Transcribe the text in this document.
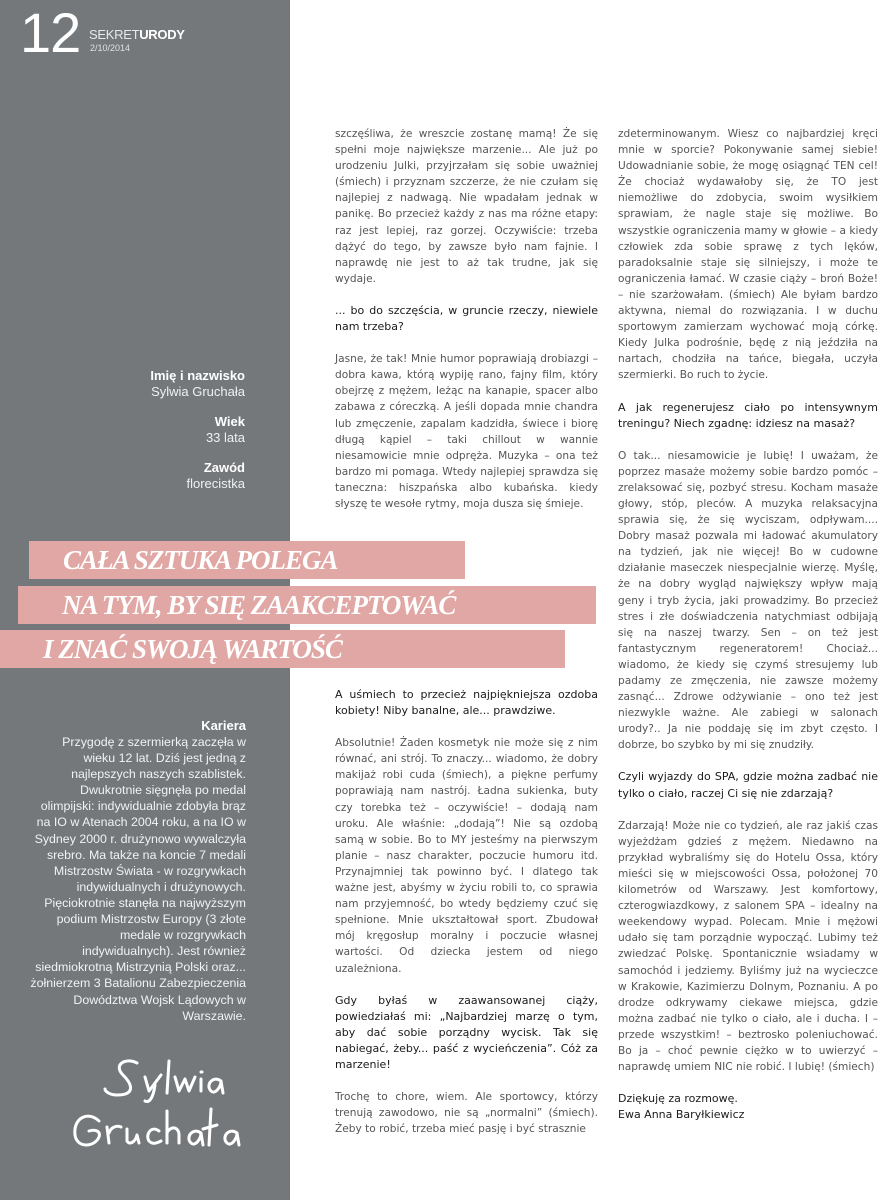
12 SEKRETURODY
2/10/2014
Imię i nazwisko
Sylwia Gruchała
Wiek
33 lata
Zawód
florecistka
Kariera
Przygodę z szermierką zaczęła w wieku 12 lat. Dziś jest jedną z najlepszych naszych szablistek. Dwukrotnie sięgnęła po medal olimpijski: indywidualnie zdobyła brąz na IO w Atenach 2004 roku, a na IO w Sydney 2000 r. drużynowo wywalczyła srebro. Ma także na koncie 7 medali Mistrzostw Świata - w rozgrywkach indywidualnych i drużynowych. Pięciokrotnie stanęła na najwyższym podium Mistrzostw Europy (3 złote medale w rozgrywkach indywidualnych). Jest również siedmiokrotną Mistrzynią Polski oraz... żołnierzem 3 Batalionu Zabezpieczenia Dowództwa Wojsk Lądowych w Warszawie.
CAŁA SZTUKA POLEGA
NA TYM, BY SIĘ ZAAKCEPTOWAĆ
I ZNAĆ SWOJĄ WARTOŚĆ

szczęśliwa, że wreszcie zostanę mamą! Że się spełni moje największe marzenie... Ale już po urodzeniu Julki, przyjrzałam się sobie uważniej (śmiech) i przyznam szczerze, że nie czułam się najlepiej z nadwagą. Nie wpadałam jednak w panikę. Bo przecież każdy z nas ma różne etapy: raz jest lepiej, raz gorzej. Oczywiście: trzeba dążyć do tego, by zawsze było nam fajnie. I naprawdę nie jest to aż tak trudne, jak się wydaje.

... bo do szczęścia, w gruncie rzeczy, niewiele nam trzeba?

Jasne, że tak! Mnie humor poprawiają drobiazgi – dobra kawa, którą wypiję rano, fajny film, który obejrzę z mężem, leżąc na kanapie, spacer albo zabawa z córeczką. A jeśli dopada mnie chandra lub zmęczenie, zapalam kadzidła, świece i biorę długą kąpiel – taki chillout w wannie niesamowicie mnie odpręża. Muzyka – ona też bardzo mi pomaga. Wtedy najlepiej sprawdza się taneczna: hiszpańska albo kubańska. kiedy słyszę te wesołe rytmy, moja dusza się śmieje.

A uśmiech to przecież najpiękniejsza ozdoba kobiety! Niby banalne, ale... prawdziwe.

Absolutnie! Żaden kosmetyk nie może się z nim równać, ani strój. To znaczy... wiadomo, że dobry makijaż robi cuda (śmiech), a piękne perfumy poprawiają nam nastrój. Ładna sukienka, buty czy torebka też – oczywiście! – dodają nam uroku. Ale właśnie: „dodają”! Nie są ozdobą samą w sobie. Bo to MY jesteśmy na pierwszym planie – nasz charakter, poczucie humoru itd. Przynajmniej tak powinno być. I dlatego tak ważne jest, abyśmy w życiu robili to, co sprawia nam przyjemność, bo wtedy będziemy czuć się spełnione. Mnie ukształtował sport. Zbudował mój kręgosłup moralny i poczucie własnej wartości. Od dziecka jestem od niego uzależniona.

Gdy byłaś w zaawansowanej ciąży, powiedziałaś mi: „Najbardziej marzę o tym, aby dać sobie porządny wycisk. Tak się nabiegać, żeby... paść z wycieńczenia”. Cóż za marzenie!

Trochę to chore, wiem. Ale sportowcy, którzy trenują zawodowo, nie są „normalni” (śmiech). Żeby to robić, trzeba mieć pasję i być strasznie

zdeterminowanym. Wiesz co najbardziej kręci mnie w sporcie? Pokonywanie samej siebie! Udowadnianie sobie, że mogę osiągnąć TEN cel! Że chociaż wydawałoby się, że TO jest niemożliwe do zdobycia, swoim wysiłkiem sprawiam, że nagle staje się możliwe. Bo wszystkie ograniczenia mamy w głowie – a kiedy człowiek zda sobie sprawę z tych lęków, paradoksalnie staje się silniejszy, i może te ograniczenia łamać. W czasie ciąży – broń Boże! – nie szarżowałam. (śmiech) Ale byłam bardzo aktywna, niemal do rozwiązania. I w duchu sportowym zamierzam wychować moją córkę. Kiedy Julka podrośnie, będę z nią jeździła na nartach, chodziła na tańce, biegała, uczyła szermierki. Bo ruch to życie.

A jak regenerujesz ciało po intensywnym treningu? Niech zgadnę: idziesz na masaż?

O tak... niesamowicie je lubię! I uważam, że poprzez masaże możemy sobie bardzo pomóc – zrelaksować się, pozbyć stresu. Kocham masaże głowy, stóp, pleców. A muzyka relaksacyjna sprawia się, że się wyciszam, odpływam.... Dobry masaż pozwala mi ładować akumulatory na tydzień, jak nie więcej! Bo w cudowne działanie maseczek niespecjalnie wierzę. Myślę, że na dobry wygląd największy wpływ mają geny i tryb życia, jaki prowadzimy. Bo przecież stres i złe doświadczenia natychmiast odbijają się na naszej twarzy. Sen – on też jest fantastycznym regeneratorem! Chociaż... wiadomo, że kiedy się czymś stresujemy lub padamy ze zmęczenia, nie zawsze możemy zasnąć... Zdrowe odżywianie – ono też jest niezwykle ważne. Ale zabiegi w salonach urody?.. Ja nie poddaję się im zbyt często. I dobrze, bo szybko by mi się znudziły.

Czyli wyjazdy do SPA, gdzie można zadbać nie tylko o ciało, raczej Ci się nie zdarzają?

Zdarzają! Może nie co tydzień, ale raz jakiś czas wyjeżdżam gdzieś z mężem. Niedawno na przykład wybraliśmy się do Hotelu Ossa, który mieści się w miejscowości Ossa, położonej 70 kilometrów od Warszawy. Jest komfortowy, czterogwiazdkowy, z salonem SPA – idealny na weekendowy wypad. Polecam. Mnie i mężowi udało się tam porządnie wypocząć. Lubimy też zwiedzać Polskę. Spontanicznie wsiadamy w samochód i jedziemy. Byliśmy już na wycieczce w Krakowie, Kazimierzu Dolnym, Poznaniu. A po drodze odkrywamy ciekawe miejsca, gdzie można zadbać nie tylko o ciało, ale i ducha. I – przede wszystkim! – beztrosko poleniuchować. Bo ja – choć pewnie ciężko w to uwierzyć – naprawdę umiem NIC nie robić. I lubię! (śmiech)

Dziękuję za rozmowę.

Ewa Anna Baryłkiewicz
